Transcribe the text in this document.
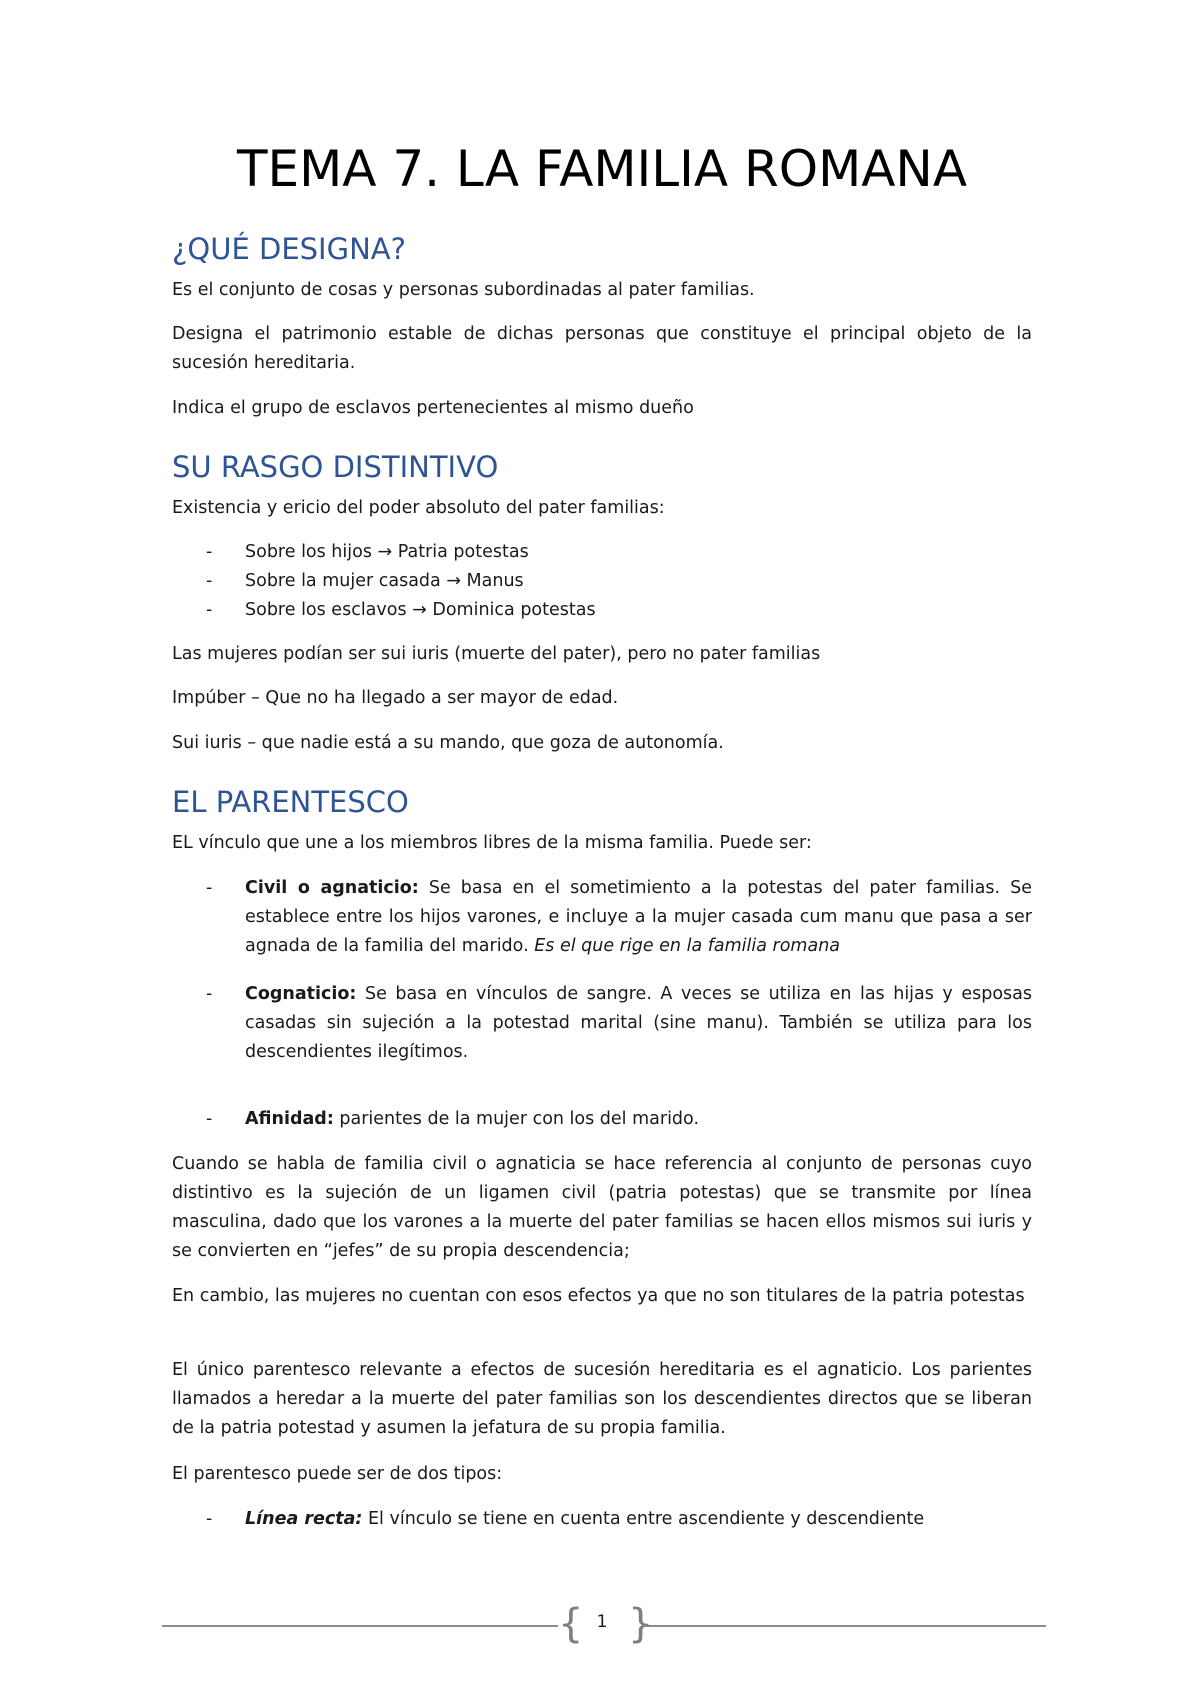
TEMA 7. LA FAMILIA ROMANA
¿QUÉ DESIGNA?

Es el conjunto de cosas y personas subordinadas al pater familias.

Designa el patrimonio estable de dichas personas que constituye el principal objeto de la sucesión hereditaria.

Indica el grupo de esclavos pertenecientes al mismo dueño

SU RASGO DISTINTIVO

Existencia y ericio del poder absoluto del pater familias:

- Sobre los hijos → Patria potestas
- Sobre la mujer casada → Manus
- Sobre los esclavos → Dominica potestas

Las mujeres podían ser sui iuris (muerte del pater), pero no pater familias

Impúber – Que no ha llegado a ser mayor de edad.

Sui iuris – que nadie está a su mando, que goza de autonomía.

EL PARENTESCO

EL vínculo que une a los miembros libres de la misma familia. Puede ser:

- Civil o agnaticio: Se basa en el sometimiento a la potestas del pater familias. Se establece entre los hijos varones, e incluye a la mujer casada cum manu que pasa a ser agnada de la familia del marido. Es el que rige en la familia romana
- Cognaticio: Se basa en vínculos de sangre. A veces se utiliza en las hijas y esposas casadas sin sujeción a la potestad marital (sine manu). También se utiliza para los descendientes ilegítimos.
- Afinidad: parientes de la mujer con los del marido.

Cuando se habla de familia civil o agnaticia se hace referencia al conjunto de personas cuyo distintivo es la sujeción de un ligamen civil (patria potestas) que se transmite por línea masculina, dado que los varones a la muerte del pater familias se hacen ellos mismos sui iuris y se convierten en “jefes” de su propia descendencia;

En cambio, las mujeres no cuentan con esos efectos ya que no son titulares de la patria potestas

El único parentesco relevante a efectos de sucesión hereditaria es el agnaticio. Los parientes llamados a heredar a la muerte del pater familias son los descendientes directos que se liberan de la patria potestad y asumen la jefatura de su propia familia.

El parentesco puede ser de dos tipos:

- Línea recta: El vínculo se tiene en cuenta entre ascendiente y descendiente
{ 1 }
